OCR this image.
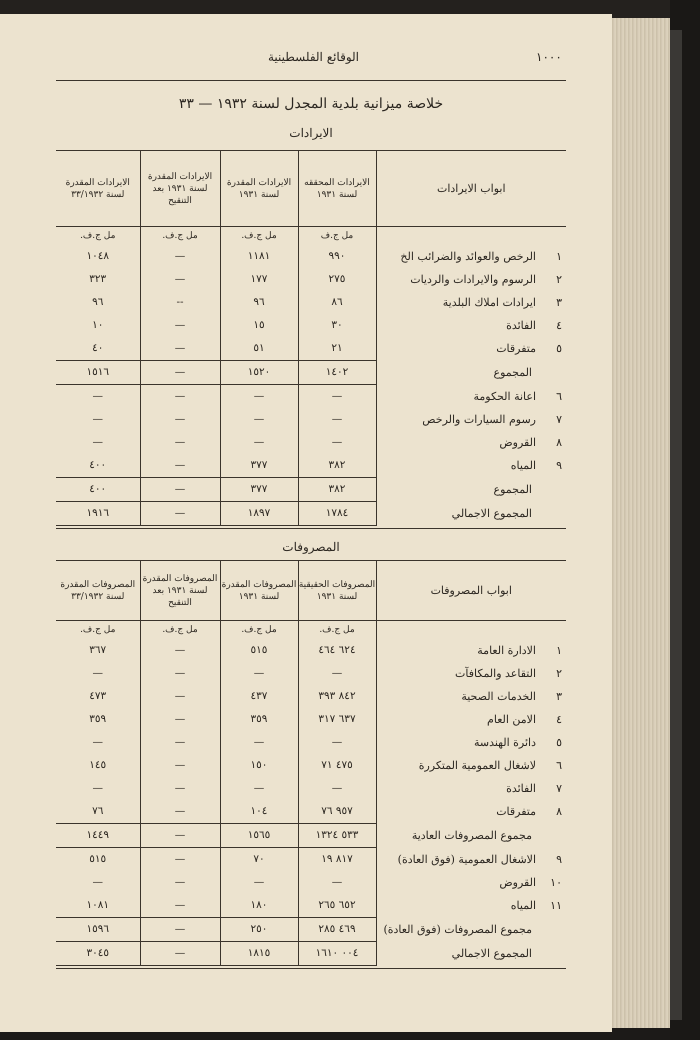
١٠٠٠
الوقائع الفلسطينية
خلاصة ميزانية بلدية المجدل لسنة ١٩٣٢ — ٣٣
الايرادات
ابواب الايرادات	الايرادات المحققه لسنة ١٩٣١	الايرادات المقدرة لسنة ١٩٣١	الايرادات المقدرة لسنة ١٩٣١ بعد التنقيح	الايرادات المقدرة لسنة ٣٣/١٩٣٢
	مل ج.ف	مل ج.ف.	مل ج.ف.	مل ج.ف.
١الرخص والعوائد والضرائب الخ	٩٩٠	١١٨١	—	١٠٤٨
٢الرسوم والايرادات والرديات	٢٧٥	١٧٧	—	٣٢٣
٣ايرادات املاك البلدية	٨٦	٩٦	--	٩٦
٤الفائدة	٣٠	١٥	—	١٠
٥متفرقات	٢١	٥١	—	٤٠
المجموع	١٤٠٢	١٥٢٠	—	١٥١٦
٦اعانة الحكومة	—	—	—	—
٧رسوم السيارات والرخص	—	—	—	—
٨القروض	—	—	—	—
٩المياه	٣٨٢	٣٧٧	—	٤٠٠
المجموع	٣٨٢	٣٧٧	—	٤٠٠
المجموع الاجمالي	١٧٨٤	١٨٩٧	—	١٩١٦
المصروفات
ابواب المصروفات	المصروفات الحقيقية لسنة ١٩٣١	المصروفات المقدرة لسنة ١٩٣١	المصروفات المقدرة لسنة ١٩٣١ بعد التنقيح	المصروفات المقدرة لسنة ٣٣/١٩٣٢
	مل ج.ف.	مل ج.ف.	مل ج.ف.	مل ج.ف.
١الادارة العامة	٦٢٤ ٤٦٤	٥١٥	—	٣٦٧
٢التقاعد والمكافآت	—	—	—	—
٣الخدمات الصحية	٨٤٢ ٣٩٣	٤٣٧	—	٤٧٣
٤الامن العام	٦٣٧ ٣١٧	٣٥٩	—	٣٥٩
٥دائرة الهندسة	—	—	—	—
٦لاشغال العمومية المتكررة	٤٧٥ ٧١	١٥٠	—	١٤٥
٧الفائدة	—	—	—	—
٨متفرقات	٩٥٧ ٧٦	١٠٤	—	٧٦
مجموع المصروفات العادية	٥٣٣ ١٣٢٤	١٥٦٥	—	١٤٤٩
٩الاشغال العمومية (فوق العادة)	٨١٧ ١٩	٧٠	—	٥١٥
١٠القروض	—	—	—	—
١١المياه	٦٥٢ ٢٦٥	١٨٠	—	١٠٨١
مجموع المصروفات (فوق العادة)	٤٦٩ ٢٨٥	٢٥٠	—	١٥٩٦
المجموع الاجمالي	٠٠٤ ١٦١٠	١٨١٥	—	٣٠٤٥
